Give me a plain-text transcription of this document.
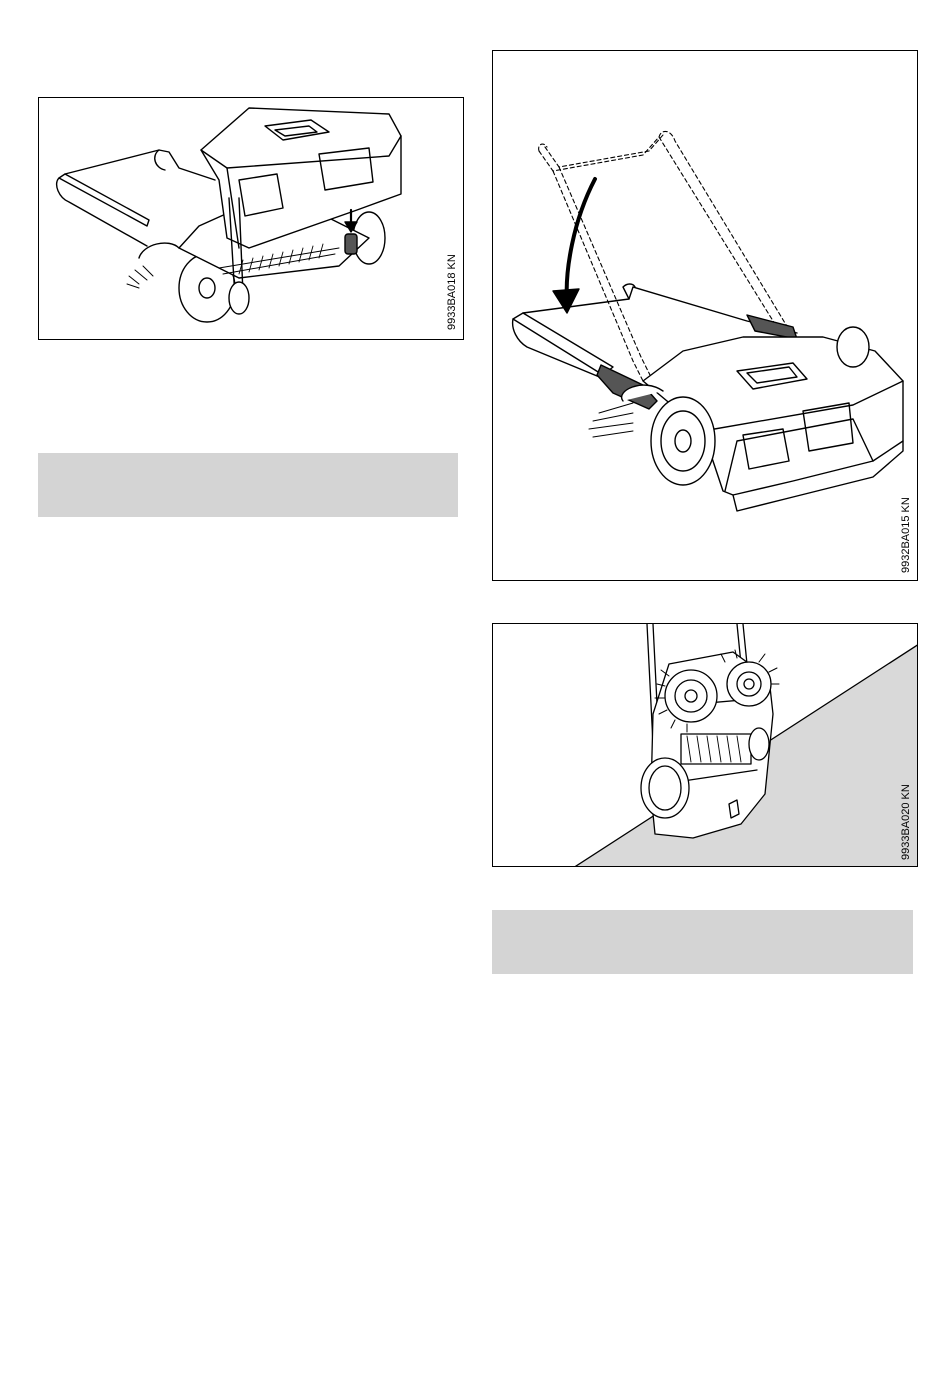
9933BA018 KN
9932BA015 KN
9933BA020 KN
